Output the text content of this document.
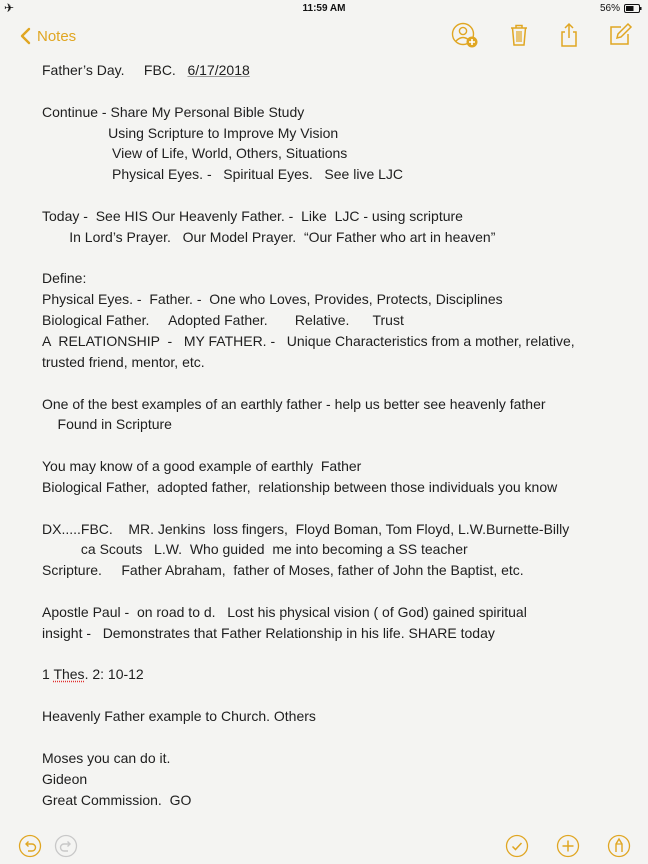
✈	11:59 AM	56%
Notes
Father’s Day.     FBC.   6/17/2018
Continue - Share My Personal Bible Study
Using Scripture to Improve My Vision
View of Life, World, Others, Situations
Physical Eyes. -   Spiritual Eyes.   See live LJC
Today -  See HIS Our Heavenly Father. -  Like  LJC - using scripture
In Lord’s Prayer.   Our Model Prayer.  “Our Father who art in heaven”
Define:
Physical Eyes. -  Father. -  One who Loves, Provides, Protects, Disciplines
Biological Father.     Adopted Father.       Relative.      Trust
A  RELATIONSHIP  -   MY FATHER. -   Unique Characteristics from a mother, relative,
trusted friend, mentor, etc.
One of the best examples of an earthly father - help us better see heavenly father
Found in Scripture
You may know of a good example of earthly  Father
Biological Father,  adopted father,  relationship between those individuals you know
DX.....FBC.    MR. Jenkins  loss fingers,  Floyd Boman, Tom Floyd, L.W.Burnette-Billy
ca Scouts   L.W.  Who guided  me into becoming a SS teacher
Scripture.     Father Abraham,  father of Moses, father of John the Baptist, etc.
Apostle Paul -  on road to d.   Lost his physical vision ( of God) gained spiritual
insight -   Demonstrates that Father Relationship in his life. SHARE today
1 Thes. 2: 10-12
Heavenly Father example to Church. Others
Moses you can do it.
Gideon
Great Commission.  GO
